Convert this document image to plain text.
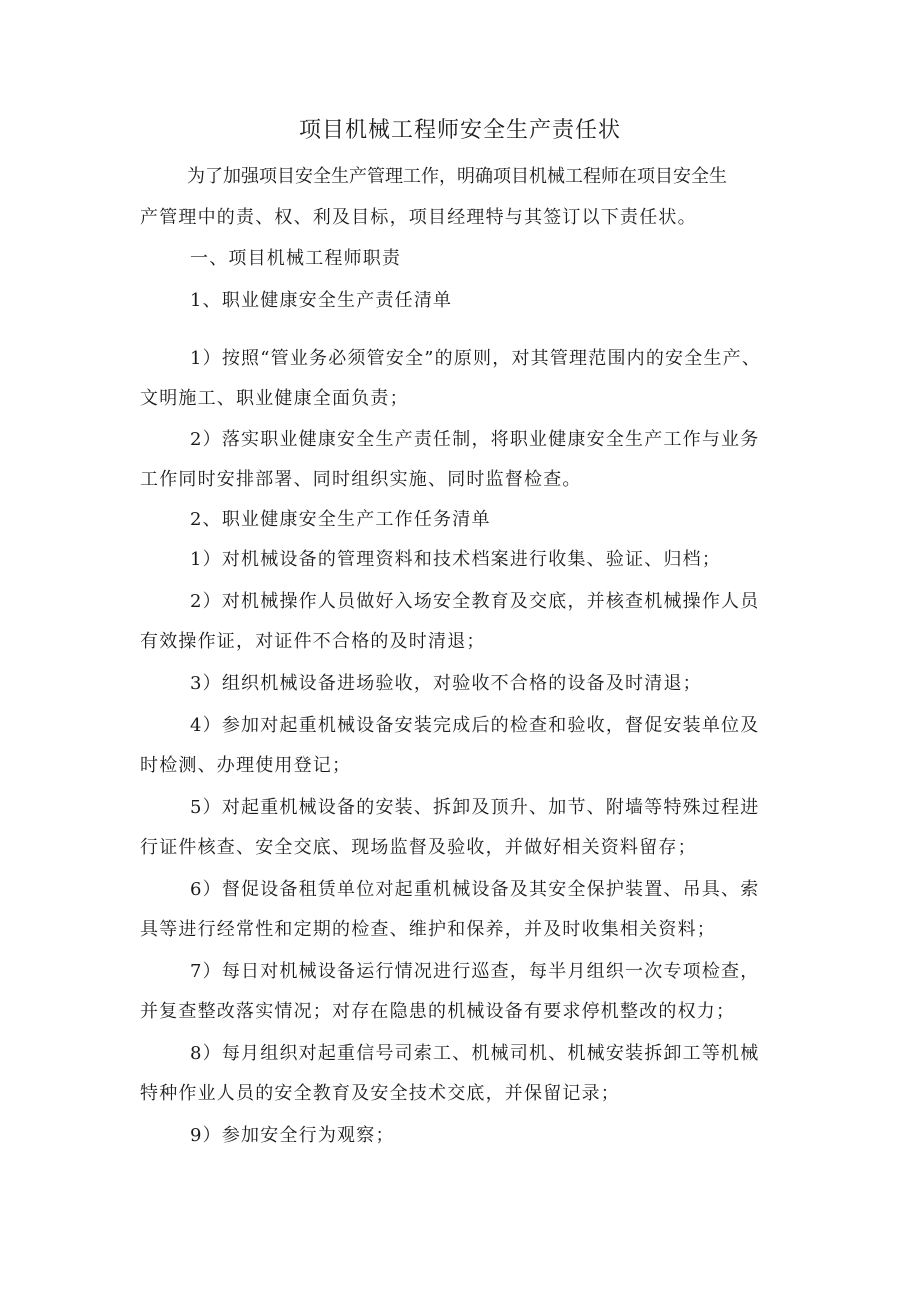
项目机械工程师安全生产责任状
为了加强项目安全生产管理工作，明确项目机械工程师在项目安全生
产管理中的责、权、利及目标，项目经理特与其签订以下责任状。
一、项目机械工程师职责
1、职业健康安全生产责任清单
1）按照“管业务必须管安全”的原则，对其管理范围内的安全生产、
文明施工、职业健康全面负责；
2）落实职业健康安全生产责任制，将职业健康安全生产工作与业务
工作同时安排部署、同时组织实施、同时监督检查。
2、职业健康安全生产工作任务清单
1）对机械设备的管理资料和技术档案进行收集、验证、归档；
2）对机械操作人员做好入场安全教育及交底，并核查机械操作人员
有效操作证，对证件不合格的及时清退；
3）组织机械设备进场验收，对验收不合格的设备及时清退；
4）参加对起重机械设备安装完成后的检查和验收，督促安装单位及
时检测、办理使用登记；
5）对起重机械设备的安装、拆卸及顶升、加节、附墙等特殊过程进
行证件核查、安全交底、现场监督及验收，并做好相关资料留存；
6）督促设备租赁单位对起重机械设备及其安全保护装置、吊具、索
具等进行经常性和定期的检查、维护和保养，并及时收集相关资料；
7）每日对机械设备运行情况进行巡查，每半月组织一次专项检查，
并复查整改落实情况；对存在隐患的机械设备有要求停机整改的权力；
8）每月组织对起重信号司索工、机械司机、机械安装拆卸工等机械
特种作业人员的安全教育及安全技术交底，并保留记录；
9）参加安全行为观察；
